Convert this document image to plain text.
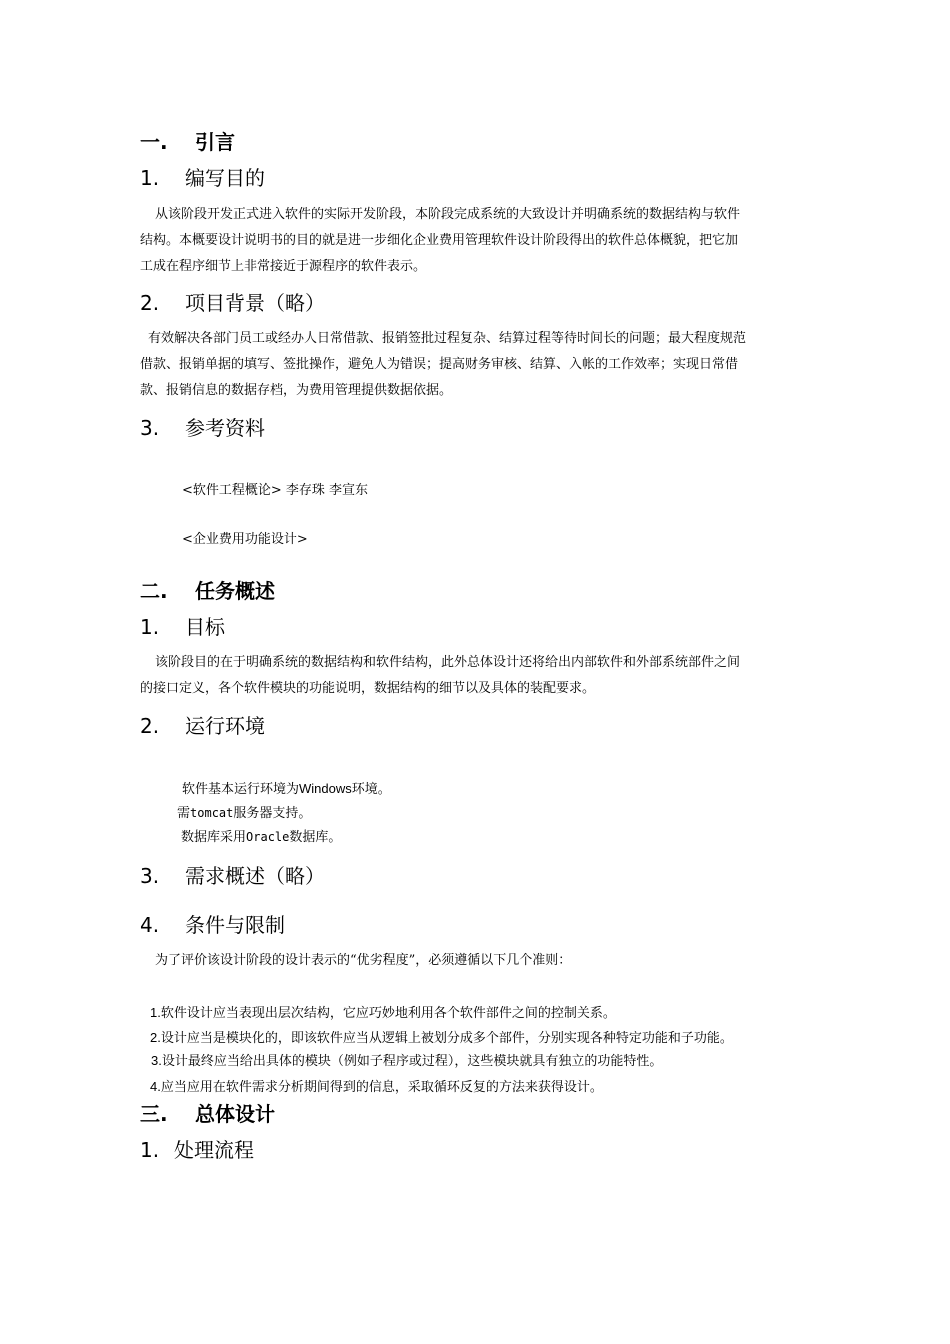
一. 引言
1. 编写目的
从该阶段开发正式进入软件的实际开发阶段，本阶段完成系统的大致设计并明确系统的数据结构与软件
结构。本概要设计说明书的目的就是进一步细化企业费用管理软件设计阶段得出的软件总体概貌，把它加
工成在程序细节上非常接近于源程序的软件表示。
2. 项目背景（略）
有效解决各部门员工或经办人日常借款、报销签批过程复杂、结算过程等待时间长的问题；最大程度规范
借款、报销单据的填写、签批操作，避免人为错误；提高财务审核、结算、入帐的工作效率；实现日常借
款、报销信息的数据存档，为费用管理提供数据依据。
3. 参考资料
<软件工程概论> 李存珠 李宣东
<企业费用功能设计>
二. 任务概述
1. 目标
该阶段目的在于明确系统的数据结构和软件结构，此外总体设计还将给出内部软件和外部系统部件之间
的接口定义，各个软件模块的功能说明，数据结构的细节以及具体的装配要求。
2. 运行环境
软件基本运行环境为Windows环境。
需tomcat服务器支持。
数据库采用Oracle数据库。
3. 需求概述（略）
4. 条件与限制
为了评价该设计阶段的设计表示的“优劣程度”，必须遵循以下几个准则：
1.软件设计应当表现出层次结构，它应巧妙地利用各个软件部件之间的控制关系。
2.设计应当是模块化的，即该软件应当从逻辑上被划分成多个部件，分别实现各种特定功能和子功能。
3.设计最终应当给出具体的模块（例如子程序或过程），这些模块就具有独立的功能特性。
4.应当应用在软件需求分析期间得到的信息，采取循环反复的方法来获得设计。
三. 总体设计
1. 处理流程
